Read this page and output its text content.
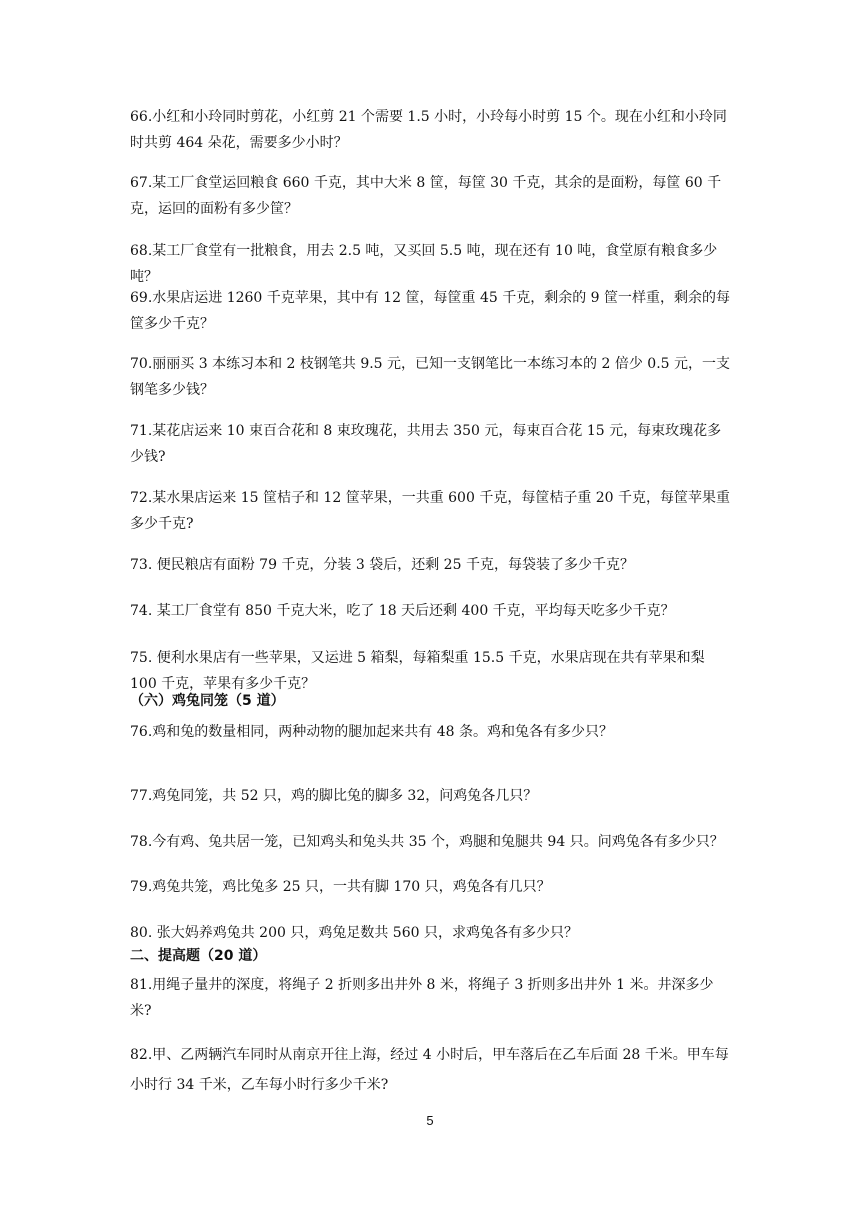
66.小红和小玲同时剪花，小红剪 21 个需要 1.5 小时，小玲每小时剪 15 个。现在小红和小玲同时共剪 464 朵花，需要多少小时？

67.某工厂食堂运回粮食 660 千克，其中大米 8 筐，每筐 30 千克，其余的是面粉，每筐 60 千克，运回的面粉有多少筐？

68.某工厂食堂有一批粮食，用去 2.5 吨，又买回 5.5 吨，现在还有 10 吨，食堂原有粮食多少吨？

69.水果店运进 1260 千克苹果，其中有 12 筐，每筐重 45 千克，剩余的 9 筐一样重，剩余的每筐多少千克？

70.丽丽买 3 本练习本和 2 枝钢笔共 9.5 元，已知一支钢笔比一本练习本的 2 倍少 0.5 元，一支钢笔多少钱？

71.某花店运来 10 束百合花和 8 束玫瑰花，共用去 350 元，每束百合花 15 元，每束玫瑰花多少钱?

72.某水果店运来 15 筐桔子和 12 筐苹果，一共重 600 千克，每筐桔子重 20 千克，每筐苹果重多少千克?

73. 便民粮店有面粉 79 千克，分装 3 袋后，还剩 25 千克，每袋装了多少千克？

74. 某工厂食堂有 850 千克大米，吃了 18 天后还剩 400 千克，平均每天吃多少千克？

75. 便利水果店有一些苹果，又运进 5 箱梨，每箱梨重 15.5 千克，水果店现在共有苹果和梨 100 千克，苹果有多少千克？

（六）鸡兔同笼（5 道）

76.鸡和兔的数量相同，两种动物的腿加起来共有 48 条。鸡和兔各有多少只？

77.鸡兔同笼，共 52 只，鸡的脚比兔的脚多 32，问鸡兔各几只？

78.今有鸡、兔共居一笼，已知鸡头和兔头共 35 个，鸡腿和兔腿共 94 只。问鸡兔各有多少只？

79.鸡兔共笼，鸡比兔多 25 只，一共有脚 170 只，鸡兔各有几只？

80. 张大妈养鸡兔共 200 只，鸡兔足数共 560 只，求鸡兔各有多少只？

二、提高题（20 道）

81.用绳子量井的深度，将绳子 2 折则多出井外 8 米，将绳子 3 折则多出井外 1 米。井深多少米?

82.甲、乙两辆汽车同时从南京开往上海，经过 4 小时后，甲车落后在乙车后面 28 千米。甲车每小时行 34 千米，乙车每小时行多少千米?

5
